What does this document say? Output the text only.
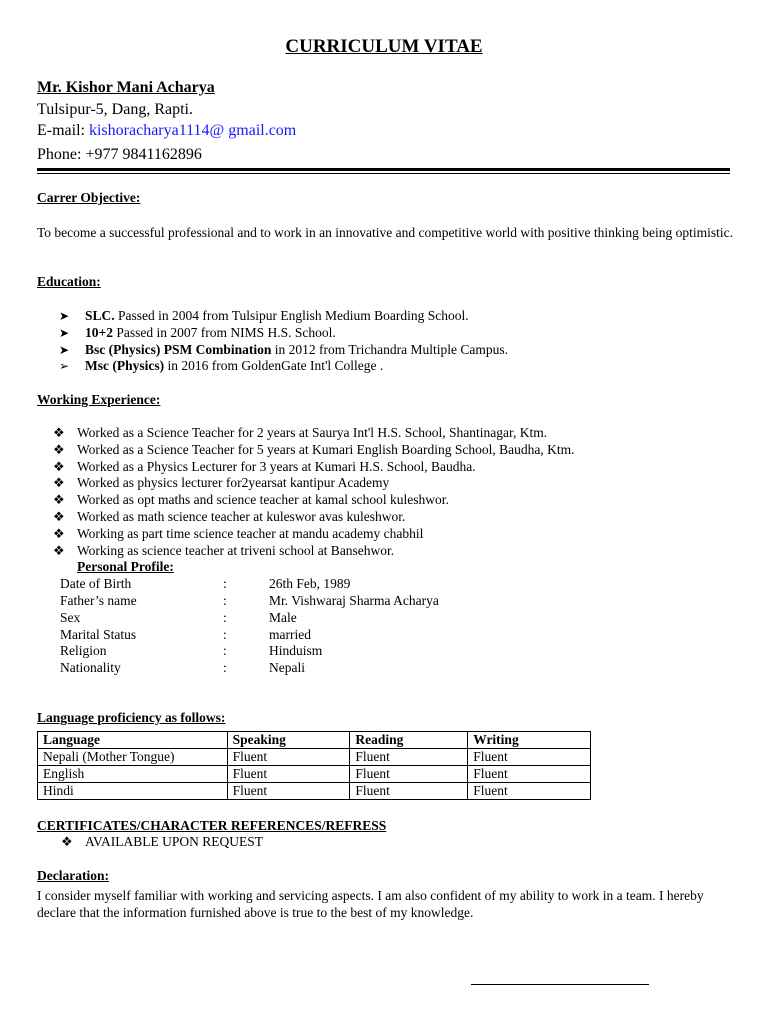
CURRICULUM VITAE
Mr. Kishor Mani Acharya
Tulsipur-5, Dang, Rapti.
E-mail: kishoracharya1114@ gmail.com
Phone: +977 9841162896
Carrer Objective:
To become a successful professional and to work in an innovative and competitive world with positive thinking being optimistic.
Education:
➤ SLC. Passed in 2004 from Tulsipur English Medium Boarding School.
➤ 10+2 Passed in 2007 from NIMS H.S. School.
➤ Bsc (Physics) PSM Combination in 2012 from Trichandra Multiple Campus.
➢ Msc (Physics) in 2016 from GoldenGate Int'l College .
Working Experience:
❖ Worked as a Science Teacher for 2 years at Saurya Int'l H.S. School, Shantinagar, Ktm.
❖ Worked as a Science Teacher for 5 years at Kumari English Boarding School, Baudha, Ktm.
❖ Worked as a Physics Lecturer for 3 years at Kumari H.S. School, Baudha.
❖ Worked as physics lecturer for2yearsat kantipur Academy
❖ Worked as opt maths and science teacher at kamal school kuleshwor.
❖ Worked as math science teacher at kuleswor avas kuleshwor.
❖ Working as part time science teacher at mandu academy chabhil
❖ Working as science teacher at triveni school at Bansehwor.
Personal Profile:
Date of Birth	:	26th Feb, 1989
Father’s name	:	Mr. Vishwaraj Sharma Acharya
Sex	:	Male
Marital Status	:	married
Religion	:	Hinduism
Nationality	:	Nepali
Language proficiency as follows:
Language	Speaking	Reading	Writing
Nepali (Mother Tongue)	Fluent	Fluent	Fluent
English	Fluent	Fluent	Fluent
Hindi	Fluent	Fluent	Fluent
CERTIFICATES/CHARACTER REFERENCES/REFRESS
❖ AVAILABLE UPON REQUEST
Declaration:
I consider myself familiar with working and servicing aspects. I am also confident of my ability to work in a team. I hereby declare that the information furnished above is true to the best of my knowledge.
